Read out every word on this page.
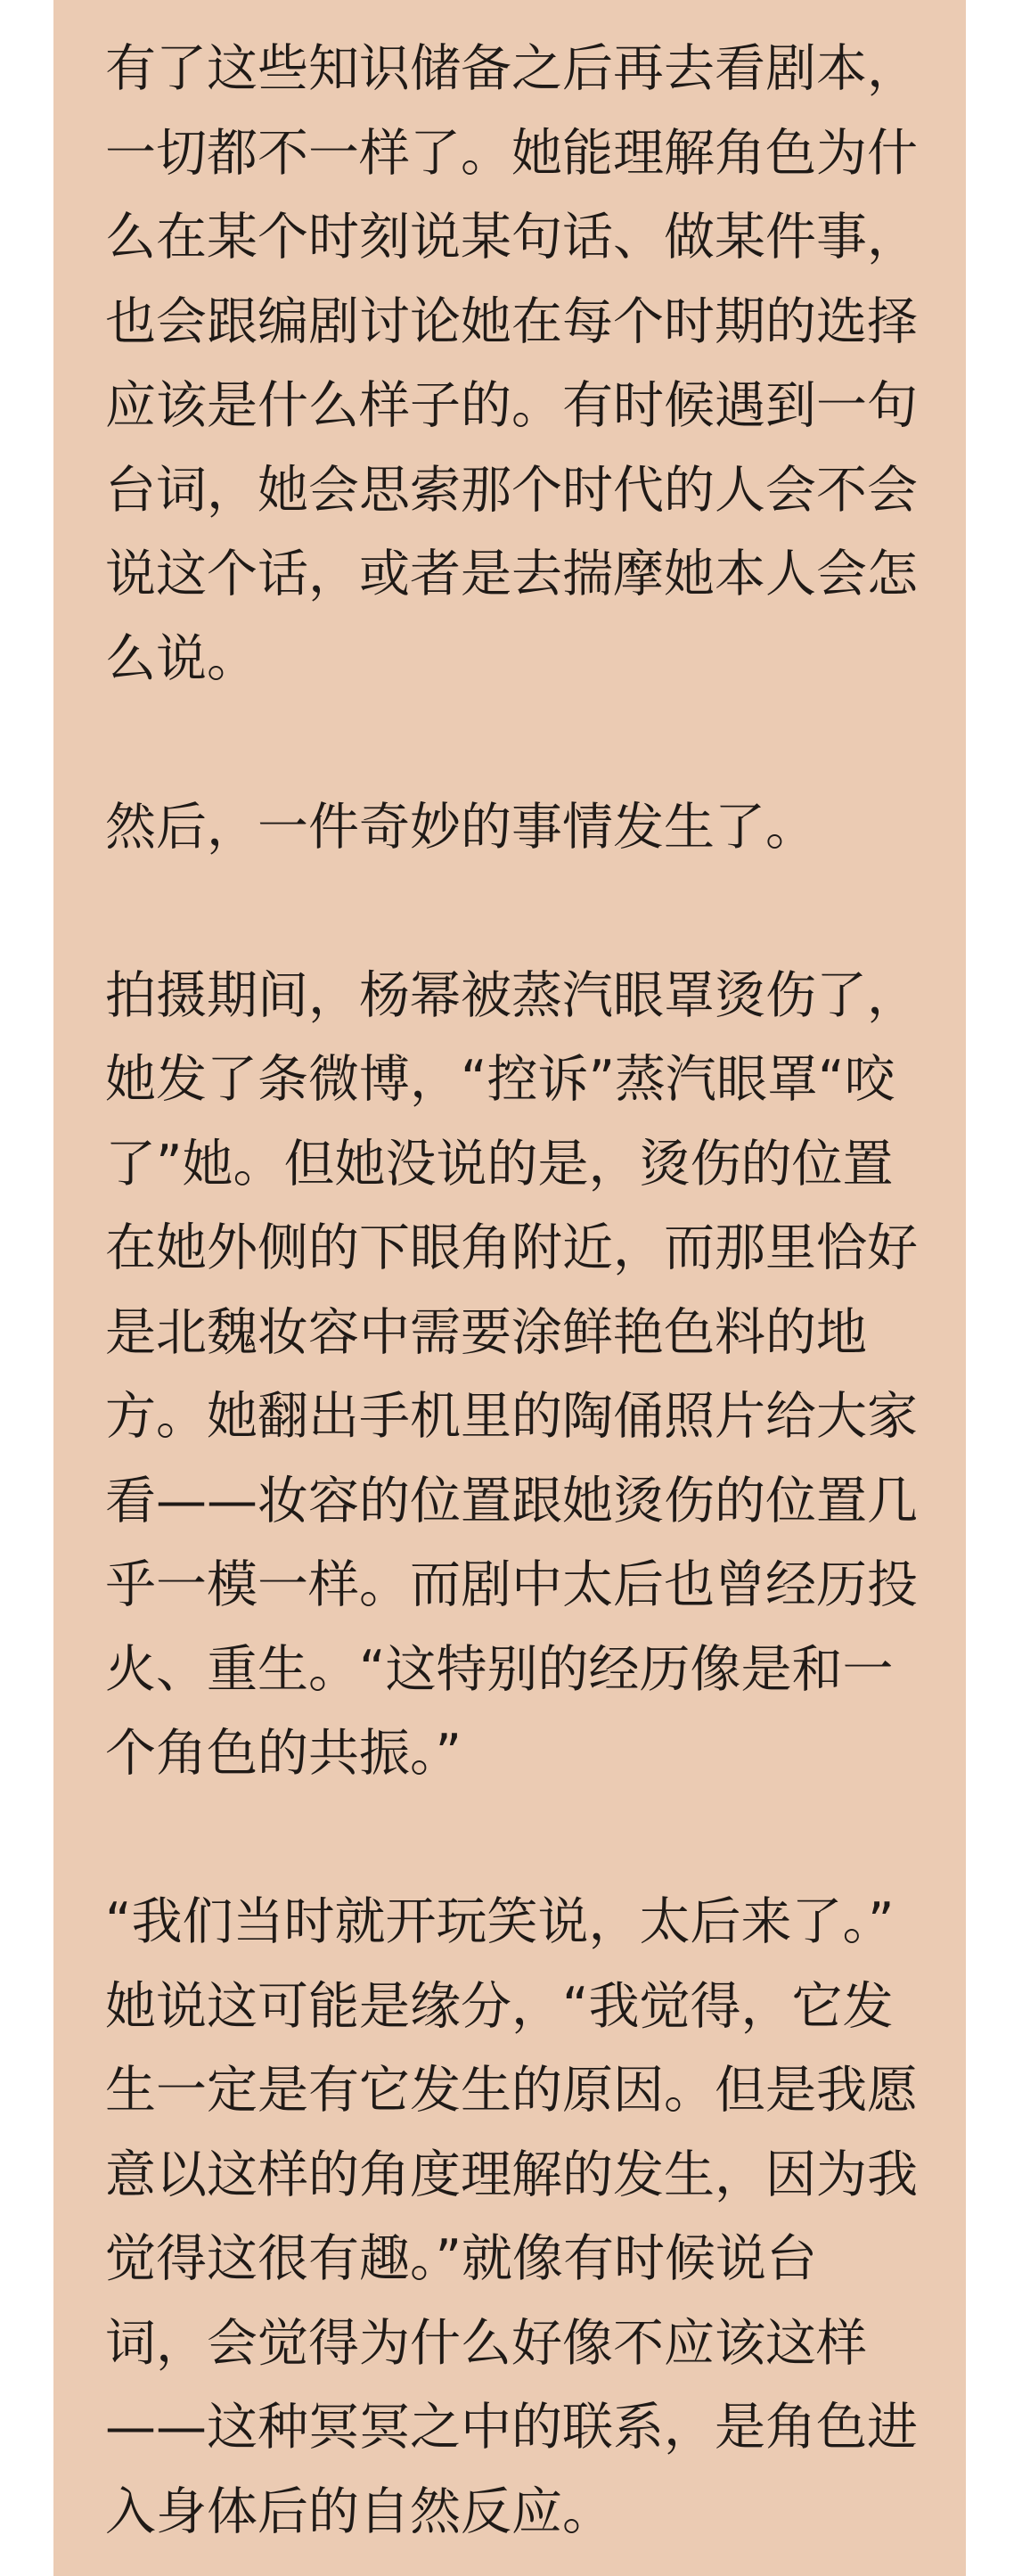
有了这些知识储备之后再去看剧本，
一切都不一样了。她能理解角色为什
么在某个时刻说某句话、做某件事，
也会跟编剧讨论她在每个时期的选择
应该是什么样子的。有时候遇到一句
台词，她会思索那个时代的人会不会
说这个话，或者是去揣摩她本人会怎
么说。

然后，一件奇妙的事情发生了。

拍摄期间，杨幂被蒸汽眼罩烫伤了，
她发了条微博，“控诉”蒸汽眼罩“咬
了”她。但她没说的是，烫伤的位置
在她外侧的下眼角附近，而那里恰好
是北魏妆容中需要涂鲜艳色料的地
方。她翻出手机里的陶俑照片给大家
看——妆容的位置跟她烫伤的位置几
乎一模一样。而剧中太后也曾经历投
火、重生。“这特别的经历像是和一
个角色的共振。”

“我们当时就开玩笑说，太后来了。”
她说这可能是缘分，“我觉得，它发
生一定是有它发生的原因。但是我愿
意以这样的角度理解的发生，因为我
觉得这很有趣。”就像有时候说台
词，会觉得为什么好像不应该这样
——这种冥冥之中的联系，是角色进
入身体后的自然反应。
